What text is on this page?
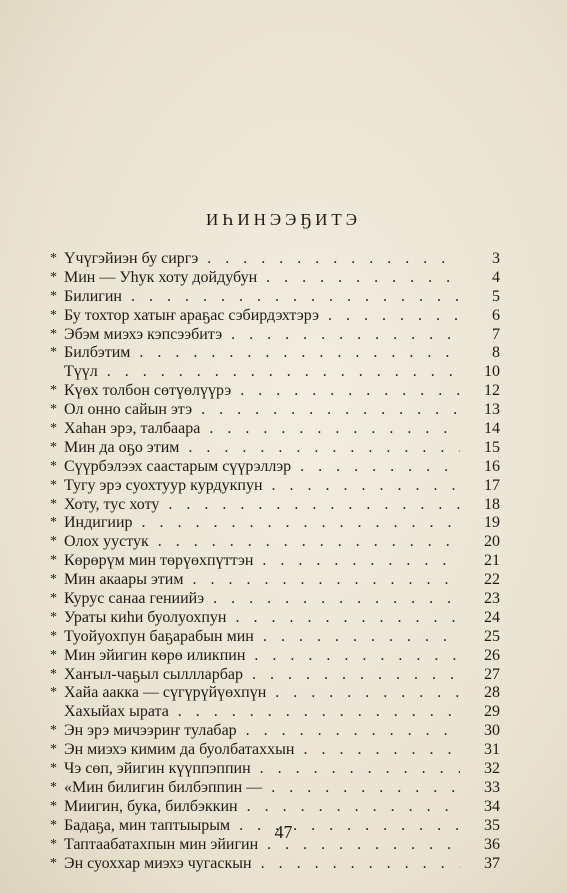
ИҺИНЭЭҔИТЭ
* Үчүгэйиэн бу сиргэ . . .	3
* Мин — Уһук хоту дойдубун . . .	4
* Билигин . . .	5
* Бу тохтор хатыҥ араҕас сэбирдэхтэрэ . . .	6
* Эбэм миэхэ кэпсээбитэ . . .	7
* Билбэтим . . .	8
Түүл . . .	10
* Күөх толбон сөтүөлүүрэ . . .	12
* Ол онно сайын этэ . . .	13
* Хаһан эрэ, талбаара . . .	14
* Мин да оҕо этим . . .	15
* Сүүрбэлээх саастарым сүүрэллэр . . .	16
* Тугу эрэ суохтуур курдукпун . . .	17
* Хоту, тус хоту . . .	18
* Индигиир . . .	19
* Олох уустук . . .	20
* Көрөрүм мин төрүөхпүттэн . . .	21
* Мин акаары этим . . .	22
* Курус санаа гениийэ . . .	23
* Ураты киһи буолуохпун . . .	24
* Туойуохпун баҕарабын мин . . .	25
* Мин эйигин көрө иликпин . . .	26
* Хаҥыл-чаҕыл сыллларбар . . .	27
* Хайа аакка — сүгүрүйүөхпүн . . .	28
Хахыйах ырата . . .	29
* Эн эрэ мичээриҥ тулабар . . .	30
* Эн миэхэ кимим да буолбатаххын . . .	31
* Чэ сөп, эйигин күүппэппин . . .	32
* «Мин билигин билбэппин — . . .	33
* Миигин, бука, билбэккин . . .	34
* Бадаҕа, мин таптыырым . . .	35
* Таптаабатахпын мин эйигин . . .	36
* Эн суоххар миэхэ чугаскын . . .	37
47
